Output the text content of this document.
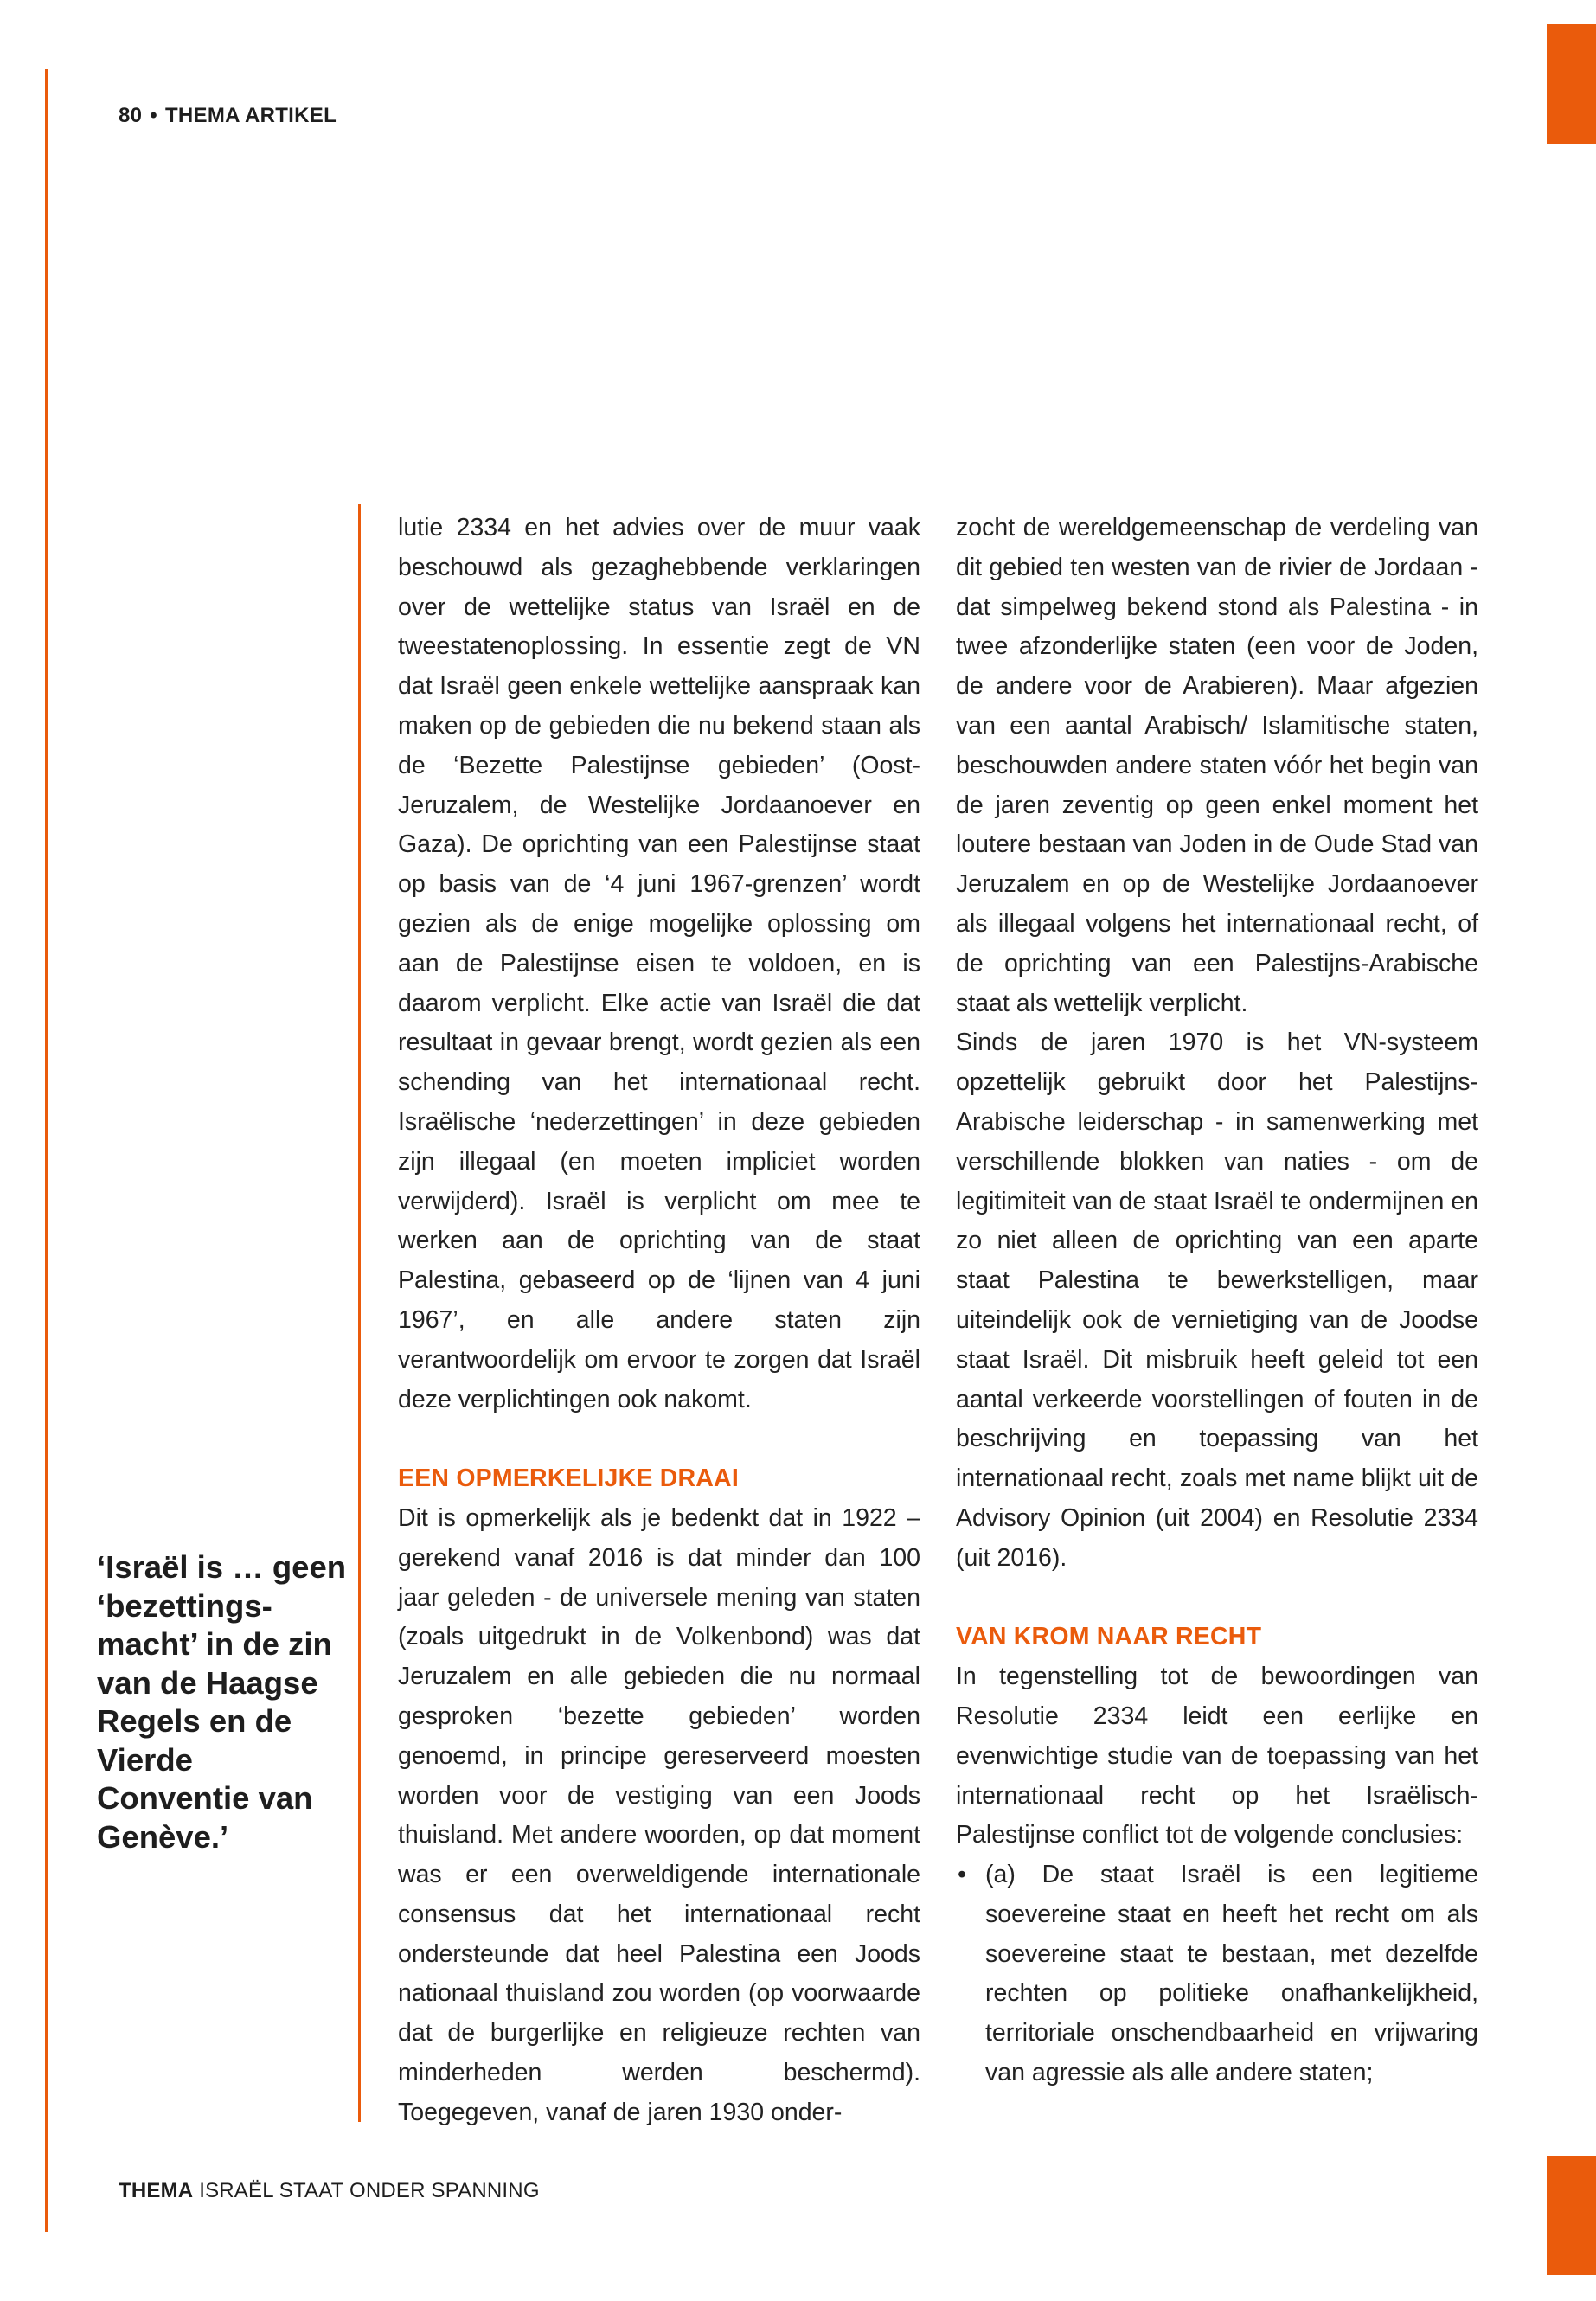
80 • THEMA ARTIKEL
‘Israël is … geen ‘bezettings-macht’ in de zin van de Haagse Regels en de Vierde Conventie van Genève.’

lutie 2334 en het advies over de muur vaak beschouwd als gezaghebbende verklaringen over de wettelijke status van Israël en de tweestatenoplossing. In essentie zegt de VN dat Israël geen enkele wettelijke aanspraak kan maken op de gebieden die nu bekend staan als de ‘Bezette Palestijnse gebieden’ (Oost-Jeruzalem, de Westelijke Jordaanoever en Gaza). De oprichting van een Palestijnse staat op basis van de ‘4 juni 1967-grenzen’ wordt gezien als de enige mogelijke oplossing om aan de Palestijnse eisen te voldoen, en is daarom verplicht. Elke actie van Israël die dat resultaat in gevaar brengt, wordt gezien als een schending van het internationaal recht. Israëlische ‘nederzettingen’ in deze gebieden zijn illegaal (en moeten impliciet worden verwijderd). Israël is verplicht om mee te werken aan de oprichting van de staat Palestina, gebaseerd op de ‘lijnen van 4 juni 1967’, en alle andere staten zijn verantwoordelijk om ervoor te zorgen dat Israël deze verplichtingen ook nakomt.

EEN OPMERKELIJKE DRAAI

Dit is opmerkelijk als je bedenkt dat in 1922 – gerekend vanaf 2016 is dat minder dan 100 jaar geleden - de universele mening van staten (zoals uitgedrukt in de Volkenbond) was dat Jeruzalem en alle gebieden die nu normaal gesproken ‘bezette gebieden’ worden genoemd, in principe gereserveerd moesten worden voor de vestiging van een Joods thuisland. Met andere woorden, op dat moment was er een overweldigende internationale consensus dat het internationaal recht ondersteunde dat heel Palestina een Joods nationaal thuisland zou worden (op voorwaarde dat de burgerlijke en religieuze rechten van minderheden werden beschermd). Toegegeven, vanaf de jaren 1930 onder-

zocht de wereldgemeenschap de verdeling van dit gebied ten westen van de rivier de Jordaan - dat simpelweg bekend stond als Palestina - in twee afzonderlijke staten (een voor de Joden, de andere voor de Arabieren). Maar afgezien van een aantal Arabisch/ Islamitische staten, beschouwden andere staten vóór het begin van de jaren zeventig op geen enkel moment het loutere bestaan van Joden in de Oude Stad van Jeruzalem en op de Westelijke Jordaanoever als illegaal volgens het internationaal recht, of de oprichting van een Palestijns-Arabische staat als wettelijk verplicht.

Sinds de jaren 1970 is het VN-systeem opzettelijk gebruikt door het Palestijns-Arabische leiderschap - in samenwerking met verschillende blokken van naties - om de legitimiteit van de staat Israël te ondermijnen en zo niet alleen de oprichting van een aparte staat Palestina te bewerkstelligen, maar uiteindelijk ook de vernietiging van de Joodse staat Israël. Dit misbruik heeft geleid tot een aantal verkeerde voorstellingen of fouten in de beschrijving en toepassing van het internationaal recht, zoals met name blijkt uit de Advisory Opinion (uit 2004) en Resolutie 2334 (uit 2016).

VAN KROM NAAR RECHT

In tegenstelling tot de bewoordingen van Resolutie 2334 leidt een eerlijke en evenwichtige studie van de toepassing van het internationaal recht op het Israëlisch-Palestijnse conflict tot de volgende conclusies:

• (a) De staat Israël is een legitieme soevereine staat en heeft het recht om als soevereine staat te bestaan, met dezelfde rechten op politieke onafhankelijkheid, territoriale onschendbaarheid en vrijwaring van agressie als alle andere staten;
THEMA ISRAËL STAAT ONDER SPANNING
